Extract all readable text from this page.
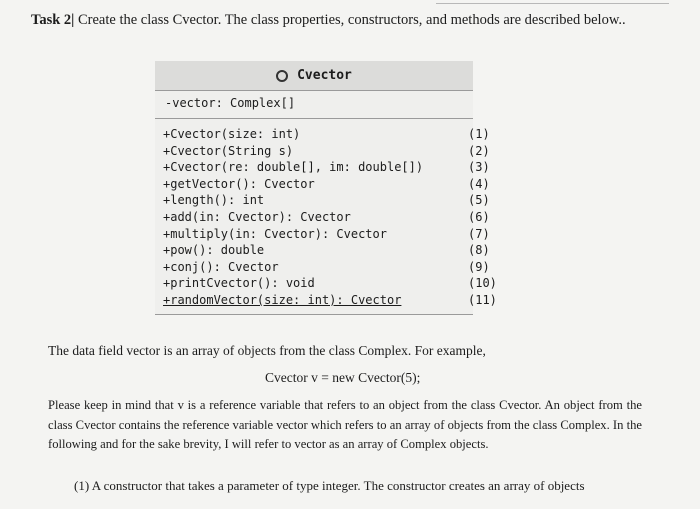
Task 2| Create the class Cvector. The class properties, constructors, and methods are described below..
Cvector
-vector: Complex[]
+Cvector(size: int)	(1)
+Cvector(String s)	(2)
+Cvector(re: double[], im: double[])	(3)
+getVector(): Cvector	(4)
+length(): int	(5)
+add(in: Cvector): Cvector	(6)
+multiply(in: Cvector): Cvector	(7)
+pow(): double	(8)
+conj(): Cvector	(9)
+printCvector(): void	(10)
+randomVector(size: int): Cvector	(11)
The data field vector is an array of objects from the class Complex. For example,
Cvector v = new Cvector(5);
Please keep in mind that v is a reference variable that refers to an object from the class Cvector. An object from the class Cvector contains the reference variable vector which refers to an array of objects from the class Complex. In the following and for the sake brevity, I will refer to vector as an array of Complex objects.
(1) A constructor that takes a parameter of type integer. The constructor creates an array of objects
